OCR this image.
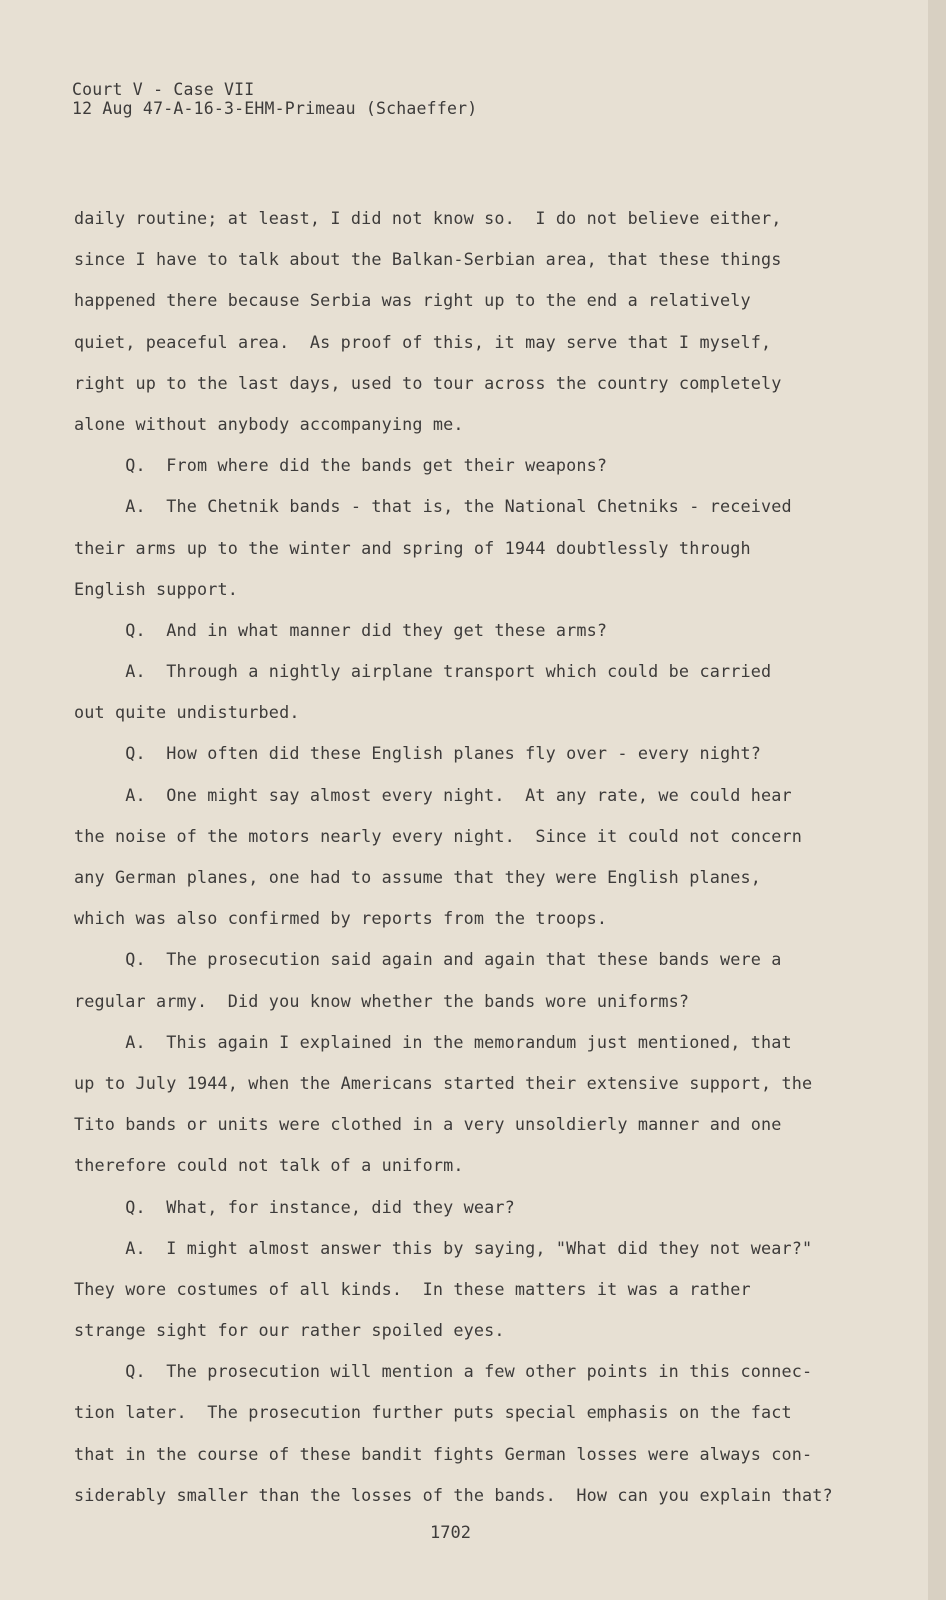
Court V - Case VII
12 Aug 47-A-16-3-EHM-Primeau (Schaeffer)
daily routine; at least, I did not know so.  I do not believe either,
since I have to talk about the Balkan-Serbian area, that these things
happened there because Serbia was right up to the end a relatively
quiet, peaceful area.  As proof of this, it may serve that I myself,
right up to the last days, used to tour across the country completely
alone without anybody accompanying me.
Q.  From where did the bands get their weapons?
A.  The Chetnik bands - that is, the National Chetniks - received
their arms up to the winter and spring of 1944 doubtlessly through
English support.
Q.  And in what manner did they get these arms?
A.  Through a nightly airplane transport which could be carried
out quite undisturbed.
Q.  How often did these English planes fly over - every night?
A.  One might say almost every night.  At any rate, we could hear
the noise of the motors nearly every night.  Since it could not concern
any German planes, one had to assume that they were English planes,
which was also confirmed by reports from the troops.
Q.  The prosecution said again and again that these bands were a
regular army.  Did you know whether the bands wore uniforms?
A.  This again I explained in the memorandum just mentioned, that
up to July 1944, when the Americans started their extensive support, the
Tito bands or units were clothed in a very unsoldierly manner and one
therefore could not talk of a uniform.
Q.  What, for instance, did they wear?
A.  I might almost answer this by saying, "What did they not wear?"
They wore costumes of all kinds.  In these matters it was a rather
strange sight for our rather spoiled eyes.
Q.  The prosecution will mention a few other points in this connec-
tion later.  The prosecution further puts special emphasis on the fact
that in the course of these bandit fights German losses were always con-
siderably smaller than the losses of the bands.  How can you explain that?
1702
